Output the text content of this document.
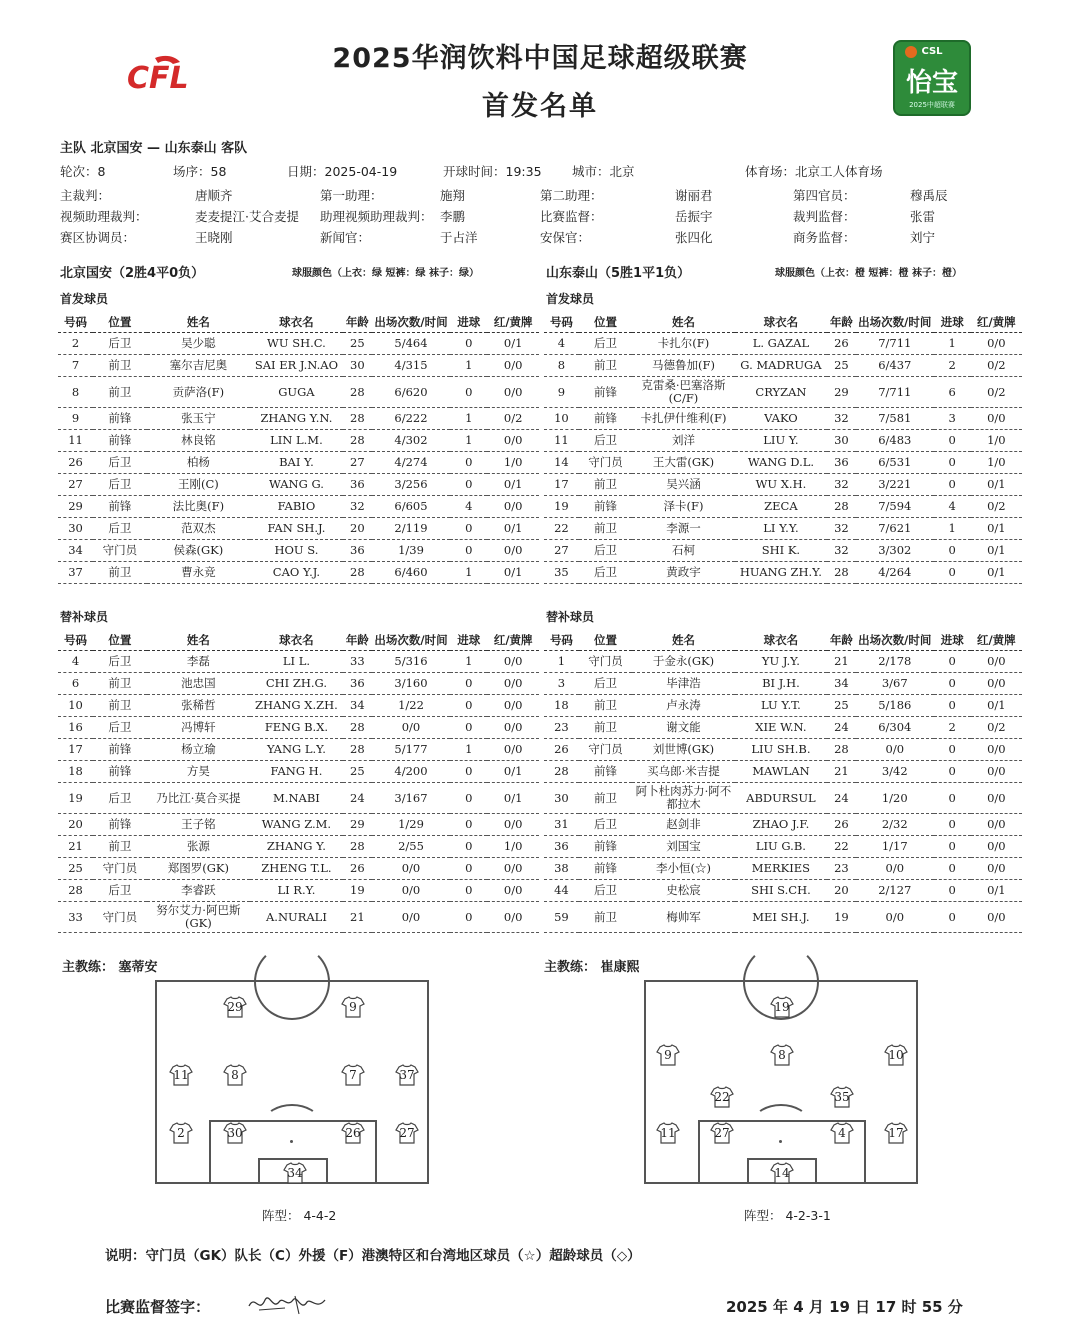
CFL
2025华润饮料中国足球超级联赛
首发名单
CSL
怡宝
2025中超联赛
主队 北京国安 — 山东泰山 客队
轮次：8	场序：58	日期：2025-04-19	开球时间：19:35 城市：北京	体育场：北京工人体育场
主裁判：	唐顺齐	第一助理：	施翔	第二助理：	谢丽君	第四官员：	穆禹辰
视频助理裁判：	麦麦提江·艾合麦提 助理视频助理裁判： 李鹏	比赛监督：	岳振宇	裁判监督：	张雷
赛区协调员：	王晓刚	新闻官：	于占洋	安保官：	张四化	商务监督：	刘宁
北京国安（2胜4平0负）	球服颜色（上衣：绿 短裤：绿 袜子：绿）	山东泰山（5胜1平1负）	球服颜色（上衣：橙 短裤：橙 袜子：橙）
首发球员	首发球员
替补球员	替补球员
号码	位置	姓名	球衣名	年龄	出场次数/时间	进球	红/黄牌
2	后卫	吴少聪	WU SH.C.	25	5/464	0	0/1
7	前卫	塞尔吉尼奥	SAI ER J.N.AO	30	4/315	1	0/0
8	前卫	贡萨洛(F)	GUGA	28	6/620	0	0/0
9	前锋	张玉宁	ZHANG Y.N.	28	6/222	1	0/2
11	前锋	林良铭	LIN L.M.	28	4/302	1	0/0
26	后卫	柏杨	BAI Y.	27	4/274	0	1/0
27	后卫	王刚(C)	WANG G.	36	3/256	0	0/1
29	前锋	法比奥(F)	FABIO	32	6/605	4	0/0
30	后卫	范双杰	FAN SH.J.	20	2/119	0	0/1
34	守门员	侯森(GK)	HOU S.	36	1/39	0	0/0
37	前卫	曹永竞	CAO Y.J.	28	6/460	1	0/1
号码	位置	姓名	球衣名	年龄	出场次数/时间	进球	红/黄牌
4	后卫	卡扎尔(F)	L. GAZAL	26	7/711	1	0/0
8	前卫	马德鲁加(F)	G. MADRUGA	25	6/437	2	0/2
9	前锋	克雷桑·巴塞洛斯(C/F)	CRYZAN	29	7/711	6	0/2
10	前锋	卡扎伊什维利(F)	VAKO	32	7/581	3	0/0
11	后卫	刘洋	LIU Y.	30	6/483	0	1/0
14	守门员	王大雷(GK)	WANG D.L.	36	6/531	0	1/0
17	前卫	吴兴涵	WU X.H.	32	3/221	0	0/1
19	前锋	泽卡(F)	ZECA	28	7/594	4	0/2
22	前卫	李源一	LI Y.Y.	32	7/621	1	0/1
27	后卫	石柯	SHI K.	32	3/302	0	0/1
35	后卫	黄政宇	HUANG ZH.Y.	28	4/264	0	0/1
号码	位置	姓名	球衣名	年龄	出场次数/时间	进球	红/黄牌
4	后卫	李磊	LI L.	33	5/316	1	0/0
6	前卫	池忠国	CHI ZH.G.	36	3/160	0	0/0
10	前卫	张稀哲	ZHANG X.ZH.	34	1/22	0	0/0
16	后卫	冯博轩	FENG B.X.	28	0/0	0	0/0
17	前锋	杨立瑜	YANG L.Y.	28	5/177	1	0/0
18	前锋	方昊	FANG H.	25	4/200	0	0/1
19	后卫	乃比江·莫合买提	M.NABI	24	3/167	0	0/1
20	前锋	王子铭	WANG Z.M.	29	1/29	0	0/0
21	前卫	张源	ZHANG Y.	28	2/55	0	1/0
25	守门员	郑图罗(GK)	ZHENG T.L.	26	0/0	0	0/0
28	后卫	李睿跃	LI R.Y.	19	0/0	0	0/0
33	守门员	努尔艾力·阿巴斯(GK)	A.NURALI	21	0/0	0	0/0
号码	位置	姓名	球衣名	年龄	出场次数/时间	进球	红/黄牌
1	守门员	于金永(GK)	YU J.Y.	21	2/178	0	0/0
3	后卫	毕津浩	BI J.H.	34	3/67	0	0/0
18	前卫	卢永涛	LU Y.T.	25	5/186	0	0/1
23	前卫	谢文能	XIE W.N.	24	6/304	2	0/2
26	守门员	刘世博(GK)	LIU SH.B.	28	0/0	0	0/0
28	前锋	买乌郎·米吉提	MAWLAN	21	3/42	0	0/0
30	前卫	阿卜杜肉苏力·阿不都拉木	ABDURSUL	24	1/20	0	0/0
31	后卫	赵剑非	ZHAO J.F.	26	2/32	0	0/0
36	前锋	刘国宝	LIU G.B.	22	1/17	0	0/0
38	前锋	李小恒(☆)	MERKIES	23	0/0	0	0/0
44	后卫	史松宸	SHI S.CH.	20	2/127	0	0/1
59	前卫	梅帅军	MEI SH.J.	19	0/0	0	0/0
主教练： 塞蒂安	主教练： 崔康熙
29	9
11	8	7	37
2	30	26	27
34
19
9	8	10
22	35
11	27	4	17
14
阵型： 4-4-2	阵型： 4-2-3-1
说明：守门员（GK）队长（C）外援（F）港澳特区和台湾地区球员（☆）超龄球员（◇）
比赛监督签字：	2025 年 4 月 19 日 17 时 55 分
